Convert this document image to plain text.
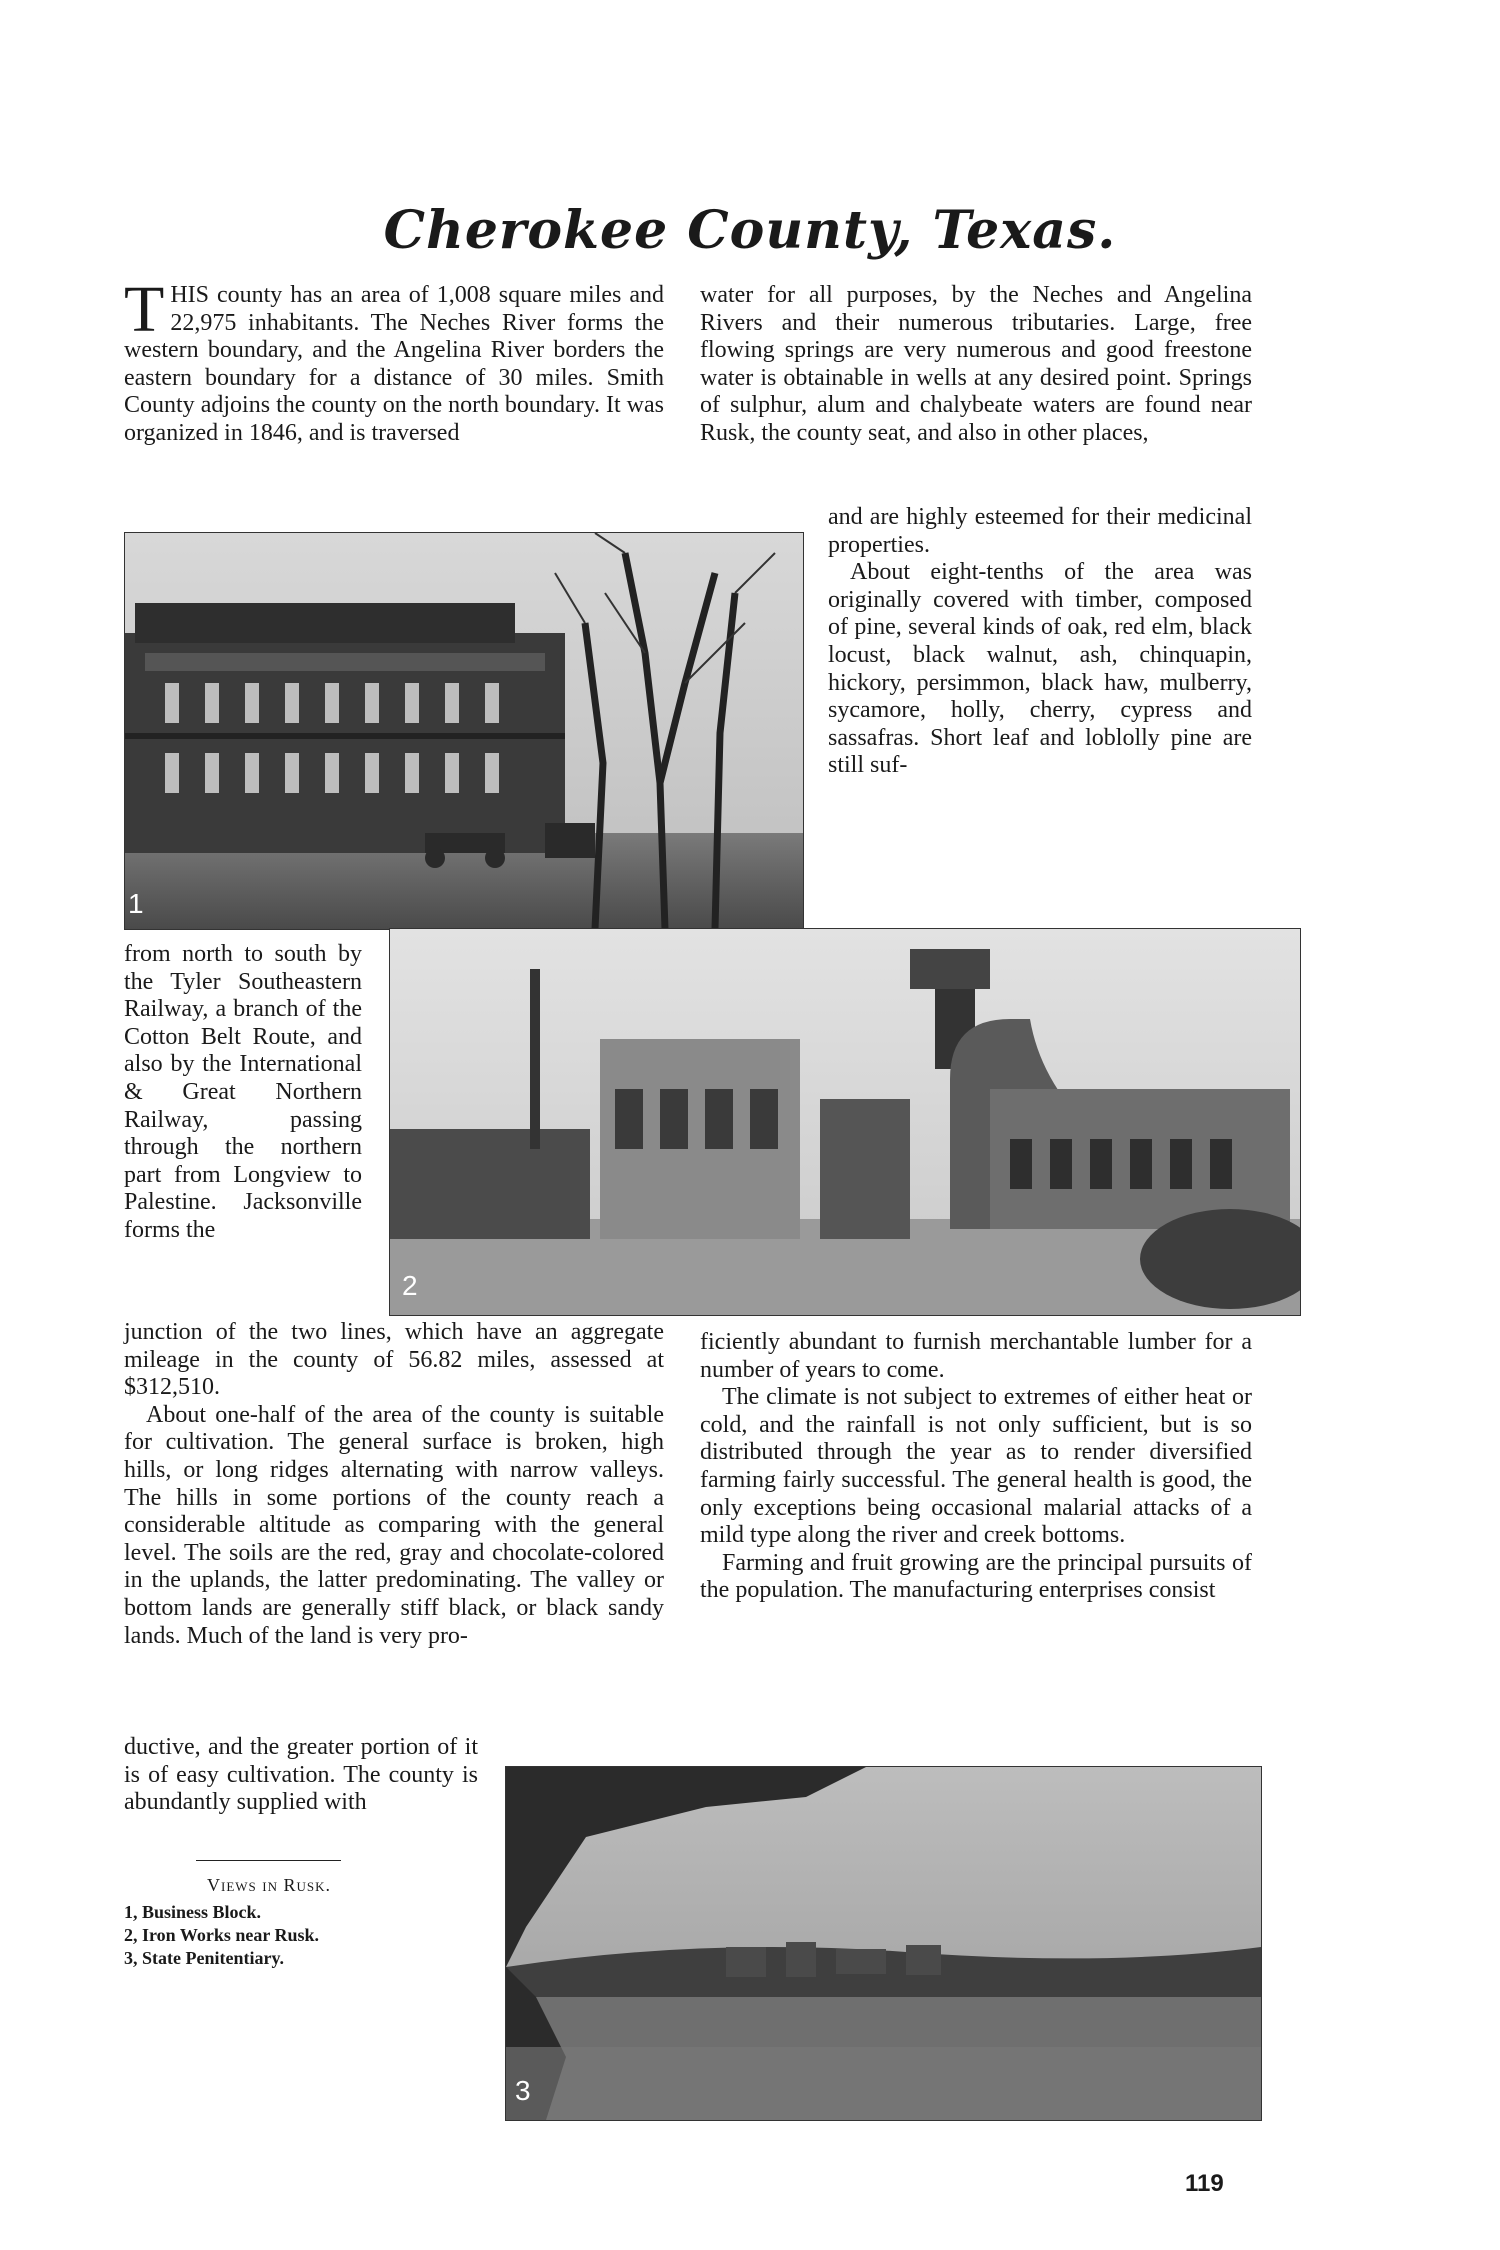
Cherokee County, Texas.

THIS county has an area of 1,008 square miles and 22,975 inhabitants. The Neches River forms the western boundary, and the Angelina River borders the eastern boundary for a distance of 30 miles. Smith County adjoins the county on the north boundary. It was organized in 1846, and is traversed

water for all purposes, by the Neches and Angelina Rivers and their numerous tributaries. Large, free flowing springs are very numerous and good freestone water is obtainable in wells at any desired point. Springs of sulphur, alum and chalybeate waters are found near Rusk, the county seat, and also in other places,

and are highly esteemed for their medicinal properties.

About eight-tenths of the area was originally covered with timber, composed of pine, several kinds of oak, red elm, black locust, black walnut, ash, chinquapin, hickory, persimmon, black haw, mulberry, sycamore, holly, cherry, cypress and sassafras. Short leaf and loblolly pine are still suf-

1

from north to south by the Tyler Southeastern Railway, a branch of the Cotton Belt Route, and also by the International & Great Northern Railway, passing through the northern part from Longview to Palestine. Jacksonville forms the

2

junction of the two lines, which have an aggregate mileage in the county of 56.82 miles, assessed at $312,510.

About one-half of the area of the county is suitable for cultivation. The general surface is broken, high hills, or long ridges alternating with narrow valleys. The hills in some portions of the county reach a considerable altitude as comparing with the general level. The soils are the red, gray and chocolate-colored in the uplands, the latter predominating. The valley or bottom lands are generally stiff black, or black sandy lands. Much of the land is very pro-

ductive, and the greater portion of it is of easy cultivation. The county is abundantly supplied with

ficiently abundant to furnish merchantable lumber for a number of years to come.

The climate is not subject to extremes of either heat or cold, and the rainfall is not only sufficient, but is so distributed through the year as to render diversified farming fairly successful. The general health is good, the only exceptions being occasional malarial attacks of a mild type along the river and creek bottoms.

Farming and fruit growing are the principal pursuits of the population. The manufacturing enterprises consist

Views in Rusk.
1, Business Block.
2, Iron Works near Rusk.
3, State Penitentiary.
3
119
